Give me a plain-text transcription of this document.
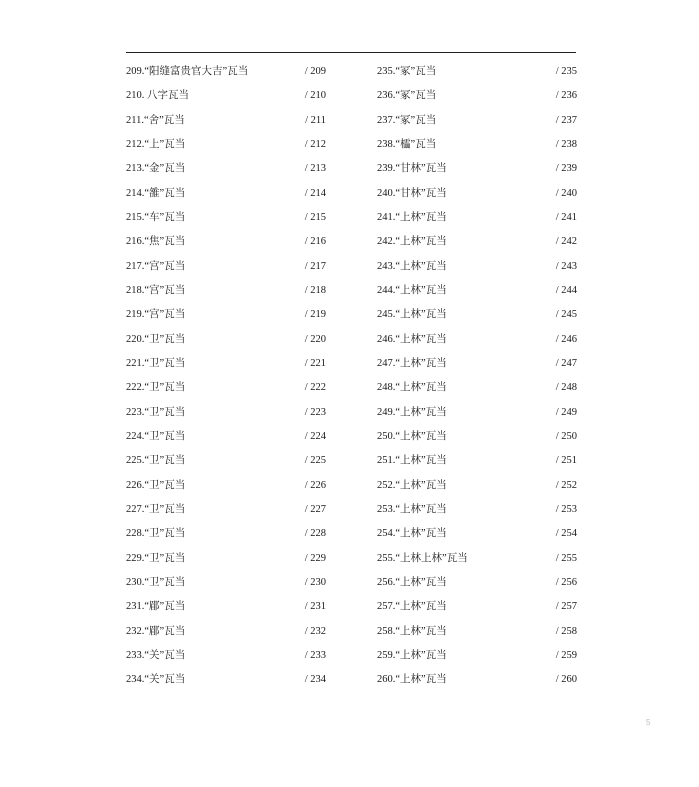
209.“阳缝富贵官大吉”瓦当	/ 209
210. 八字瓦当	/ 210
211.“舍”瓦当	/ 211
212.“上”瓦当	/ 212
213.“金”瓦当	/ 213
214.“雒”瓦当	/ 214
215.“车”瓦当	/ 215
216.“焦”瓦当	/ 216
217.“宫”瓦当	/ 217
218.“宫”瓦当	/ 218
219.“宫”瓦当	/ 219
220.“卫”瓦当	/ 220
221.“卫”瓦当	/ 221
222.“卫”瓦当	/ 222
223.“卫”瓦当	/ 223
224.“卫”瓦当	/ 224
225.“卫”瓦当	/ 225
226.“卫”瓦当	/ 226
227.“卫”瓦当	/ 227
228.“卫”瓦当	/ 228
229.“卫”瓦当	/ 229
230.“卫”瓦当	/ 230
231.“郿”瓦当	/ 231
232.“郿”瓦当	/ 232
233.“关”瓦当	/ 233
234.“关”瓦当	/ 234
235.“冢”瓦当	/ 235
236.“冢”瓦当	/ 236
237.“冢”瓦当	/ 237
238.“櫺”瓦当	/ 238
239.“甘林”瓦当	/ 239
240.“甘林”瓦当	/ 240
241.“上林”瓦当	/ 241
242.“上林”瓦当	/ 242
243.“上林”瓦当	/ 243
244.“上林”瓦当	/ 244
245.“上林”瓦当	/ 245
246.“上林”瓦当	/ 246
247.“上林”瓦当	/ 247
248.“上林”瓦当	/ 248
249.“上林”瓦当	/ 249
250.“上林”瓦当	/ 250
251.“上林”瓦当	/ 251
252.“上林”瓦当	/ 252
253.“上林”瓦当	/ 253
254.“上林”瓦当	/ 254
255.“上林上林”瓦当	/ 255
256.“上林”瓦当	/ 256
257.“上林”瓦当	/ 257
258.“上林”瓦当	/ 258
259.“上林”瓦当	/ 259
260.“上林”瓦当	/ 260
5
